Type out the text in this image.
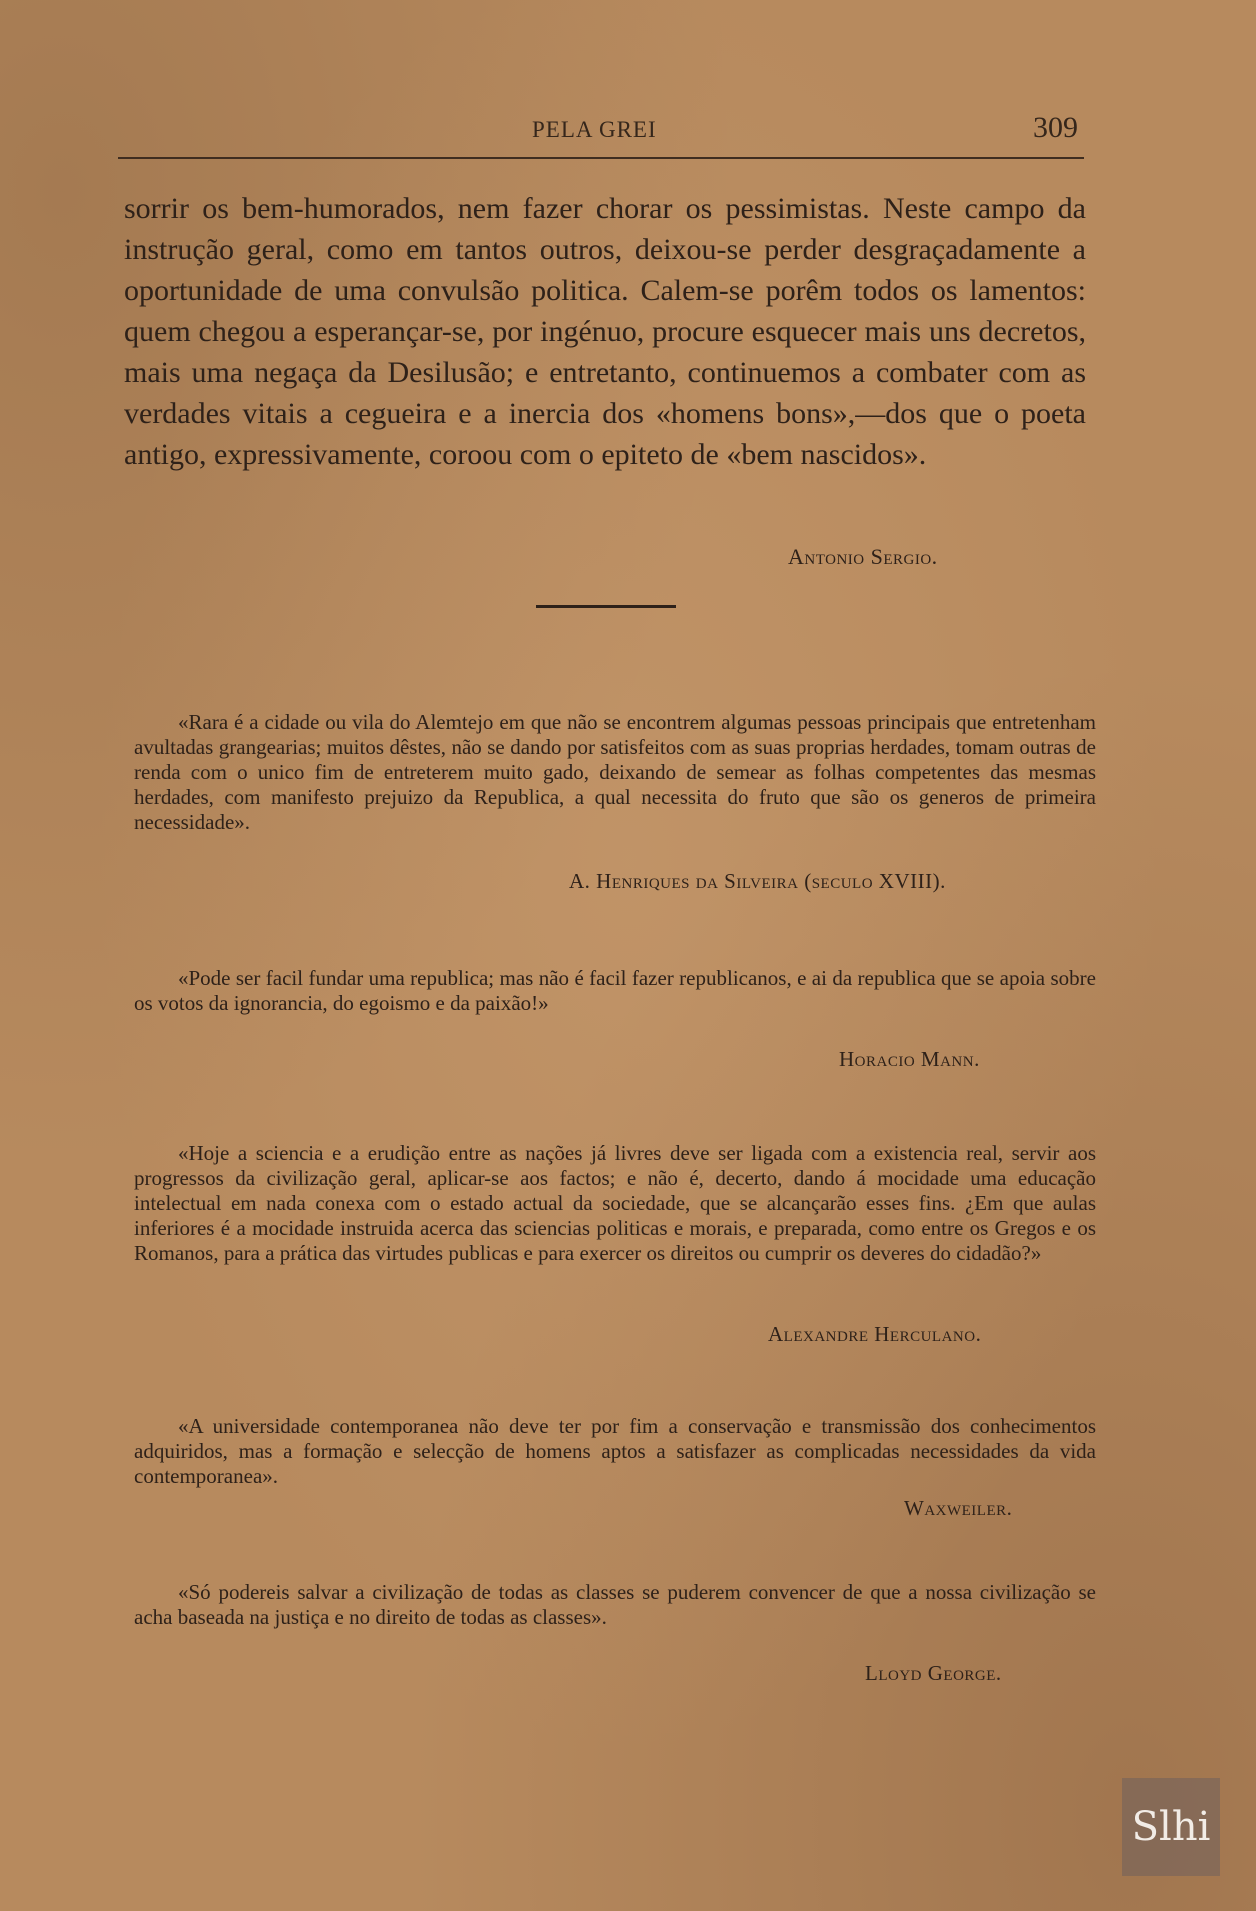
PELA GREI	309
sorrir os bem-humorados, nem fazer chorar os pessimistas. Neste campo da instrução geral, como em tantos outros, deixou-se perder desgraçadamente a oportunidade de uma convulsão politica. Calem-se porêm todos os lamentos: quem chegou a esperançar-se, por ingénuo, procure esquecer mais uns decretos, mais uma negaça da Desilusão; e entretanto, continuemos a combater com as verdades vitais a cegueira e a inercia dos «homens bons»,—dos que o poeta antigo, expressivamente, coroou com o epiteto de «bem nascidos».
Antonio Sergio.
«Rara é a cidade ou vila do Alemtejo em que não se encontrem algumas pessoas principais que entretenham avultadas grangearias; muitos dêstes, não se dando por satisfeitos com as suas proprias herdades, tomam outras de renda com o unico fim de entreterem muito gado, deixando de semear as folhas competentes das mesmas herdades, com manifesto prejuizo da Republica, a qual necessita do fruto que são os generos de primeira necessidade».
A. Henriques da Silveira (seculo XVIII).
«Pode ser facil fundar uma republica; mas não é facil fazer republicanos, e ai da republica que se apoia sobre os votos da ignorancia, do egoismo e da paixão!»
Horacio Mann.
«Hoje a sciencia e a erudição entre as nações já livres deve ser ligada com a existencia real, servir aos progressos da civilização geral, aplicar-se aos factos; e não é, decerto, dando á mocidade uma educação intelectual em nada conexa com o estado actual da sociedade, que se alcançarão esses fins. ¿Em que aulas inferiores é a mocidade instruida acerca das sciencias politicas e morais, e preparada, como entre os Gregos e os Romanos, para a prática das virtudes publicas e para exercer os direitos ou cumprir os deveres do cidadão?»
Alexandre Herculano.
«A universidade contemporanea não deve ter por fim a conservação e transmissão dos conhecimentos adquiridos, mas a formação e selecção de homens aptos a satisfazer as complicadas necessidades da vida contemporanea».
Waxweiler.
«Só podereis salvar a civilização de todas as classes se puderem convencer de que a nossa civilização se acha baseada na justiça e no direito de todas as classes».
Lloyd George.
Slhi
